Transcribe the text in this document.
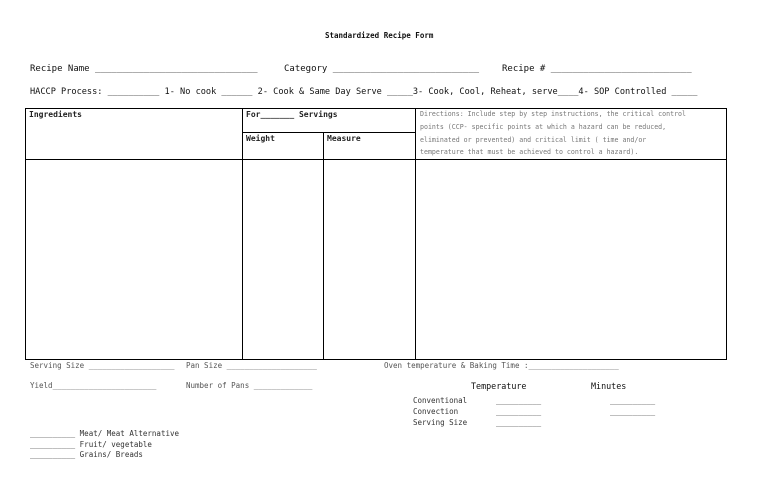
Standardized Recipe Form
Recipe Name ______________________________	Category ___________________________	Recipe # __________________________
HACCP Process: __________ 1- No cook ______ 2- Cook & Same Day Serve _____3- Cook, Cool, Reheat, serve____4- SOP Controlled _____
Ingredients	For_______ Servings
Weight	Measure
Directions: Include step by step instructions, the critical control
points (CCP- specific points at which a hazard can be reduced,
eliminated or prevented) and critical limit ( time and/or
temperature that must be achieved to control a hazard).
Serving Size ___________________ Pan Size ____________________	Oven temperature & Baking Time :____________________
Yield_______________________	Number of Pans _____________	Temperature	Minutes
Conventional	__________	__________
Convection	__________	__________
Serving Size	__________
__________ Meat/ Meat Alternative
__________ Fruit/ vegetable
__________ Grains/ Breads
